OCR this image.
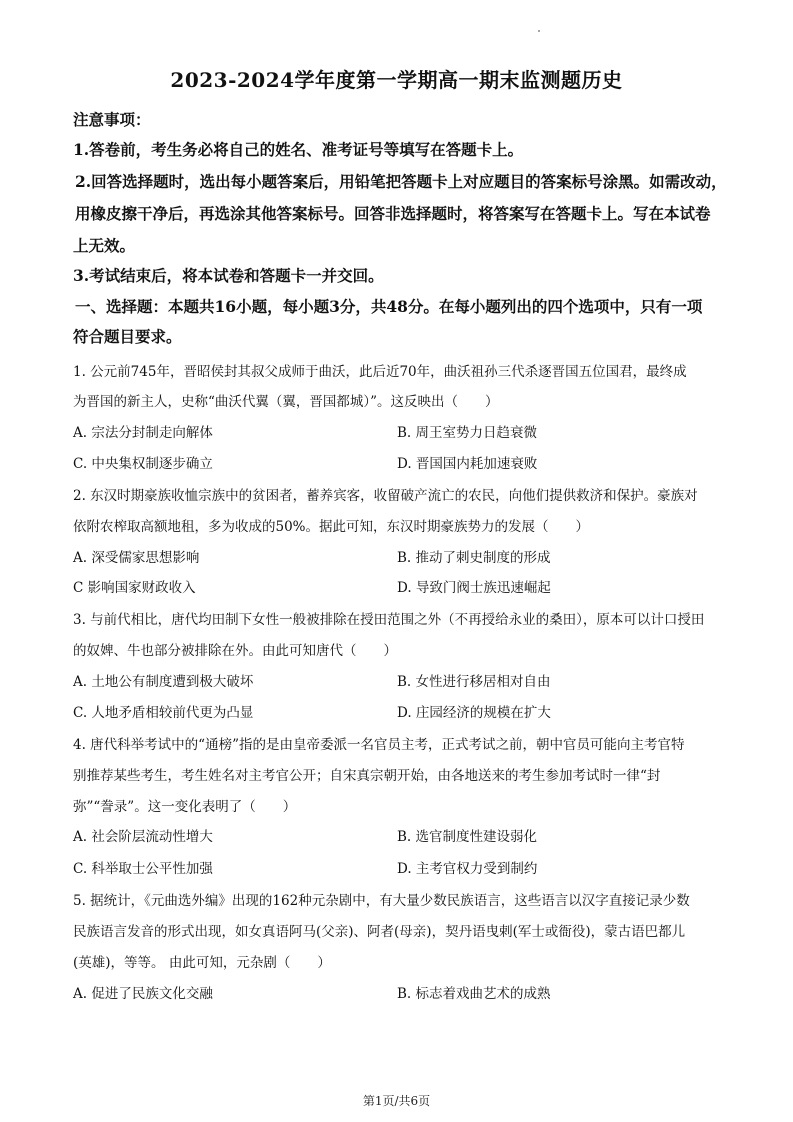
2023-2024学年度第一学期高一期末监测题历史
注意事项：
1.答卷前，考生务必将自己的姓名、准考证号等填写在答题卡上。
2.回答选择题时，选出每小题答案后，用铅笔把答题卡上对应题目的答案标号涂黑。如需改动，
用橡皮擦干净后，再选涂其他答案标号。回答非选择题时，将答案写在答题卡上。写在本试卷
上无效。
3.考试结束后，将本试卷和答题卡一并交回。
一、选择题：本题共16小题，每小题3分，共48分。在每小题列出的四个选项中，只有一项
符合题目要求。
1. 公元前745年，晋昭侯封其叔父成师于曲沃，此后近70年，曲沃祖孙三代杀逐晋国五位国君，最终成
为晋国的新主人，史称“曲沃代翼（翼，晋国都城）”。这反映出（　　）
A. 宗法分封制走向解体	B. 周王室势力日趋衰微
C. 中央集权制逐步确立	D. 晋国国内耗加速衰败
2. 东汉时期豪族收恤宗族中的贫困者，蓄养宾客，收留破产流亡的农民，向他们提供救济和保护。豪族对
依附农榨取高额地租，多为收成的50%。据此可知，东汉时期豪族势力的发展（　　）
A. 深受儒家思想影响	B. 推动了刺史制度的形成
C 影响国家财政收入	D. 导致门阀士族迅速崛起
3. 与前代相比，唐代均田制下女性一般被排除在授田范围之外（不再授给永业的桑田），原本可以计口授田
的奴婢、牛也部分被排除在外。由此可知唐代（　　）
A. 土地公有制度遭到极大破坏	B. 女性进行移居相对自由
C. 人地矛盾相较前代更为凸显	D. 庄园经济的规模在扩大
4. 唐代科举考试中的“通榜”指的是由皇帝委派一名官员主考，正式考试之前，朝中官员可能向主考官特
别推荐某些考生，考生姓名对主考官公开；自宋真宗朝开始，由各地送来的考生参加考试时一律“封
弥”“誊录”。这一变化表明了（　　）
A. 社会阶层流动性增大	B. 选官制度性建设弱化
C. 科举取士公平性加强	D. 主考官权力受到制约
5. 据统计，《元曲选外编》出现的162种元杂剧中，有大量少数民族语言，这些语言以汉字直接记录少数
民族语言发音的形式出现，如女真语阿马(父亲)、阿者(母亲)，契丹语曳剌(军士或衙役)，蒙古语巴都儿
(英雄)，等等。 由此可知，元杂剧（　　）
A. 促进了民族文化交融	B. 标志着戏曲艺术的成熟
第1页/共6页
